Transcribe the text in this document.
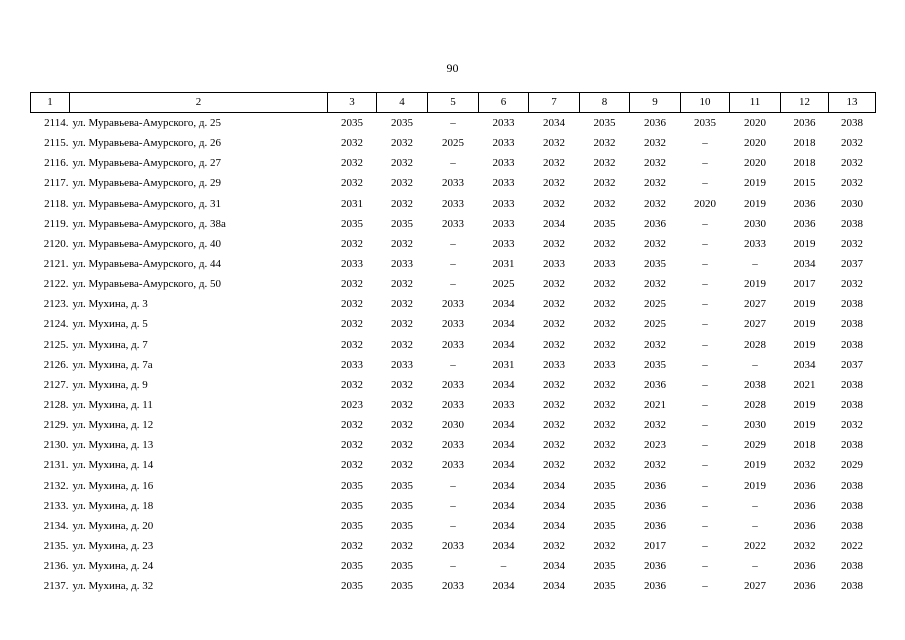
90
1	2	3	4	5	6	7	8	9	10	11	12	13
2114.	ул. Муравьева-Амурского, д. 25	2035	2035	–	2033	2034	2035	2036	2035	2020	2036	2038
2115.	ул. Муравьева-Амурского, д. 26	2032	2032	2025	2033	2032	2032	2032	–	2020	2018	2032
2116.	ул. Муравьева-Амурского, д. 27	2032	2032	–	2033	2032	2032	2032	–	2020	2018	2032
2117.	ул. Муравьева-Амурского, д. 29	2032	2032	2033	2033	2032	2032	2032	–	2019	2015	2032
2118.	ул. Муравьева-Амурского, д. 31	2031	2032	2033	2033	2032	2032	2032	2020	2019	2036	2030
2119.	ул. Муравьева-Амурского, д. 38а	2035	2035	2033	2033	2034	2035	2036	–	2030	2036	2038
2120.	ул. Муравьева-Амурского, д. 40	2032	2032	–	2033	2032	2032	2032	–	2033	2019	2032
2121.	ул. Муравьева-Амурского, д. 44	2033	2033	–	2031	2033	2033	2035	–	–	2034	2037
2122.	ул. Муравьева-Амурского, д. 50	2032	2032	–	2025	2032	2032	2032	–	2019	2017	2032
2123.	ул. Мухина, д. 3	2032	2032	2033	2034	2032	2032	2025	–	2027	2019	2038
2124.	ул. Мухина, д. 5	2032	2032	2033	2034	2032	2032	2025	–	2027	2019	2038
2125.	ул. Мухина, д. 7	2032	2032	2033	2034	2032	2032	2032	–	2028	2019	2038
2126.	ул. Мухина, д. 7а	2033	2033	–	2031	2033	2033	2035	–	–	2034	2037
2127.	ул. Мухина, д. 9	2032	2032	2033	2034	2032	2032	2036	–	2038	2021	2038
2128.	ул. Мухина, д. 11	2023	2032	2033	2033	2032	2032	2021	–	2028	2019	2038
2129.	ул. Мухина, д. 12	2032	2032	2030	2034	2032	2032	2032	–	2030	2019	2032
2130.	ул. Мухина, д. 13	2032	2032	2033	2034	2032	2032	2023	–	2029	2018	2038
2131.	ул. Мухина, д. 14	2032	2032	2033	2034	2032	2032	2032	–	2019	2032	2029
2132.	ул. Мухина, д. 16	2035	2035	–	2034	2034	2035	2036	–	2019	2036	2038
2133.	ул. Мухина, д. 18	2035	2035	–	2034	2034	2035	2036	–	–	2036	2038
2134.	ул. Мухина, д. 20	2035	2035	–	2034	2034	2035	2036	–	–	2036	2038
2135.	ул. Мухина, д. 23	2032	2032	2033	2034	2032	2032	2017	–	2022	2032	2022
2136.	ул. Мухина, д. 24	2035	2035	–	–	2034	2035	2036	–	–	2036	2038
2137.	ул. Мухина, д. 32	2035	2035	2033	2034	2034	2035	2036	–	2027	2036	2038
